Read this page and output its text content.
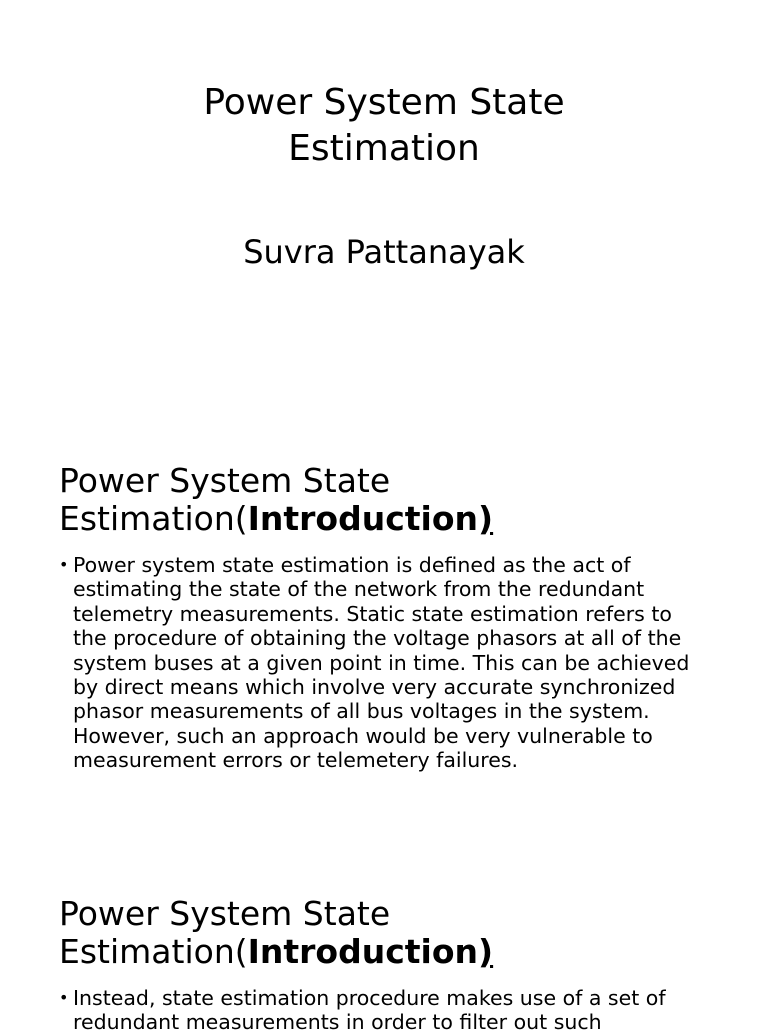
Power System State
Estimation
Suvra Pattanayak
Power System State
Estimation(Introduction)
• Power system state estimation is defined as the act of estimating the state of the network from the redundant telemetry measurements. Static state estimation refers to the procedure of obtaining the voltage phasors at all of the system buses at a given point in time. This can be achieved by direct means which involve very accurate synchronized phasor measurements of all bus voltages in the system. However, such an approach would be very vulnerable to measurement errors or telemetery failures.
Power System State
Estimation(Introduction)
• Instead, state estimation procedure makes use of a set of redundant measurements in order to filter out such
